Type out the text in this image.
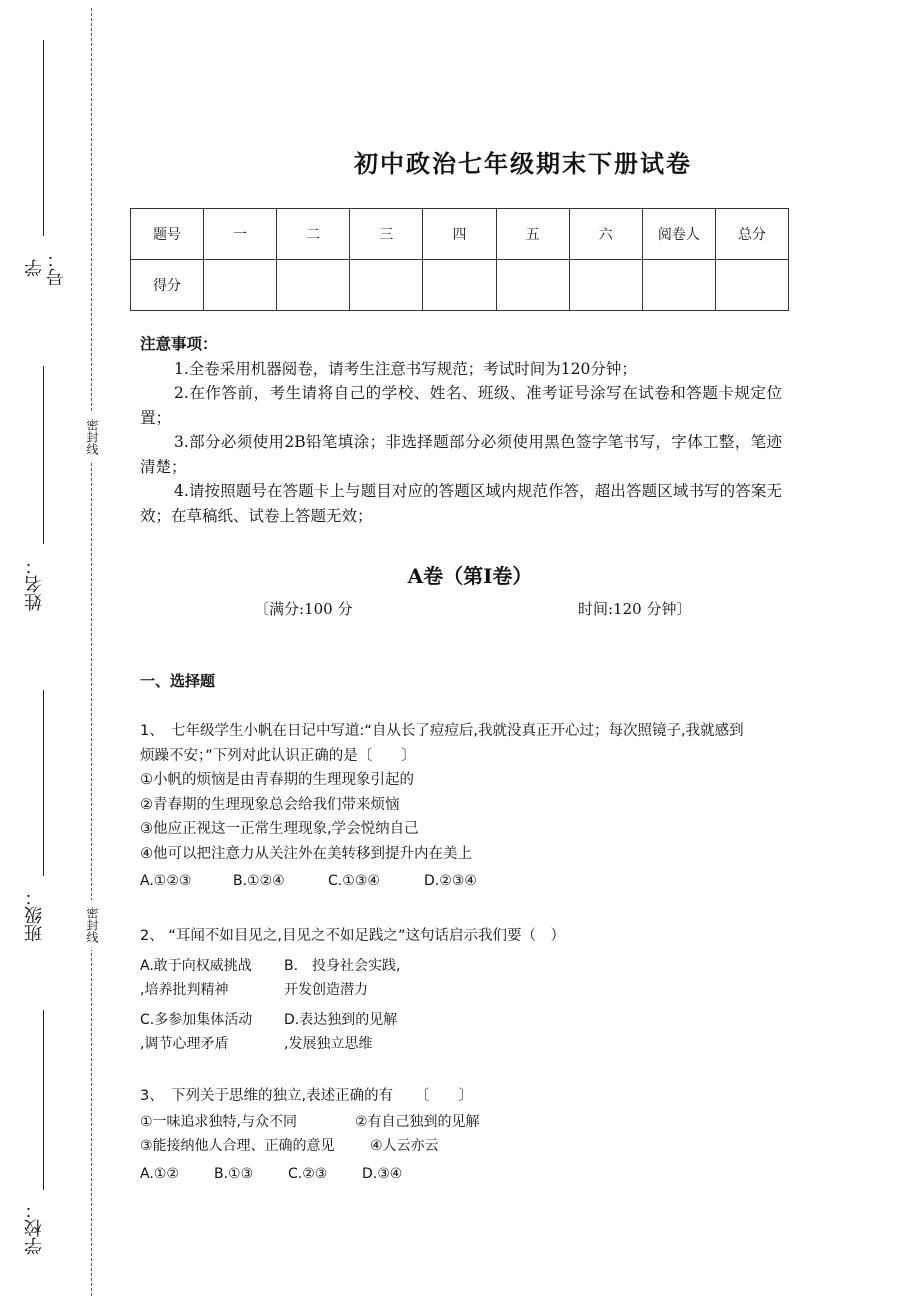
学号：
姓名：
班级：
学校：
密封线
密封线
初中政治七年级期末下册试卷
题号	一	二	三	四	五	六	阅卷人	总分
得分								
注意事项：

1.全卷采用机器阅卷，请考生注意书写规范；考试时间为120分钟；

2.在作答前，考生请将自己的学校、姓名、班级、准考证号涂写在试卷和答题卡规定位置；

3.部分必须使用2B铅笔填涂；非选择题部分必须使用黑色签字笔书写，字体工整，笔迹清楚；

4.请按照题号在答题卡上与题目对应的答题区域内规范作答，超出答题区域书写的答案无效；在草稿纸、试卷上答题无效；

A卷（第I卷）
〔满分:100 分	时间:120 分钟〕
一、选择题
1、　七年级学生小帆在日记中写道:“自从长了痘痘后,我就没真正开心过；每次照镜子,我就感到
烦躁不安；”下列对此认识正确的是〔　　〕
①小帆的烦恼是由青春期的生理现象引起的
②青春期的生理现象总会给我们带来烦恼
③他应正视这一正常生理现象,学会悦纳自己
④他可以把注意力从关注外在美转移到提升内在美上
A.①②③	B.①②④	C.①③④	D.②③④
2、 “耳闻不如目见之,目见之不如足践之”这句话启示我们要（　）
A.敢于向权威挑战
,培养批判精神
B.　投身社会实践,
开发创造潜力
C.多参加集体活动
,调节心理矛盾
D.表达独到的见解
,发展独立思维
3、　下列关于思维的独立,表述正确的有　　〔　　〕
①一味追求独特,与众不同	②有自己独到的见解
③能接纳他人合理、正确的意见	④人云亦云
A.①②	B.①③ C.②③ D.③④
